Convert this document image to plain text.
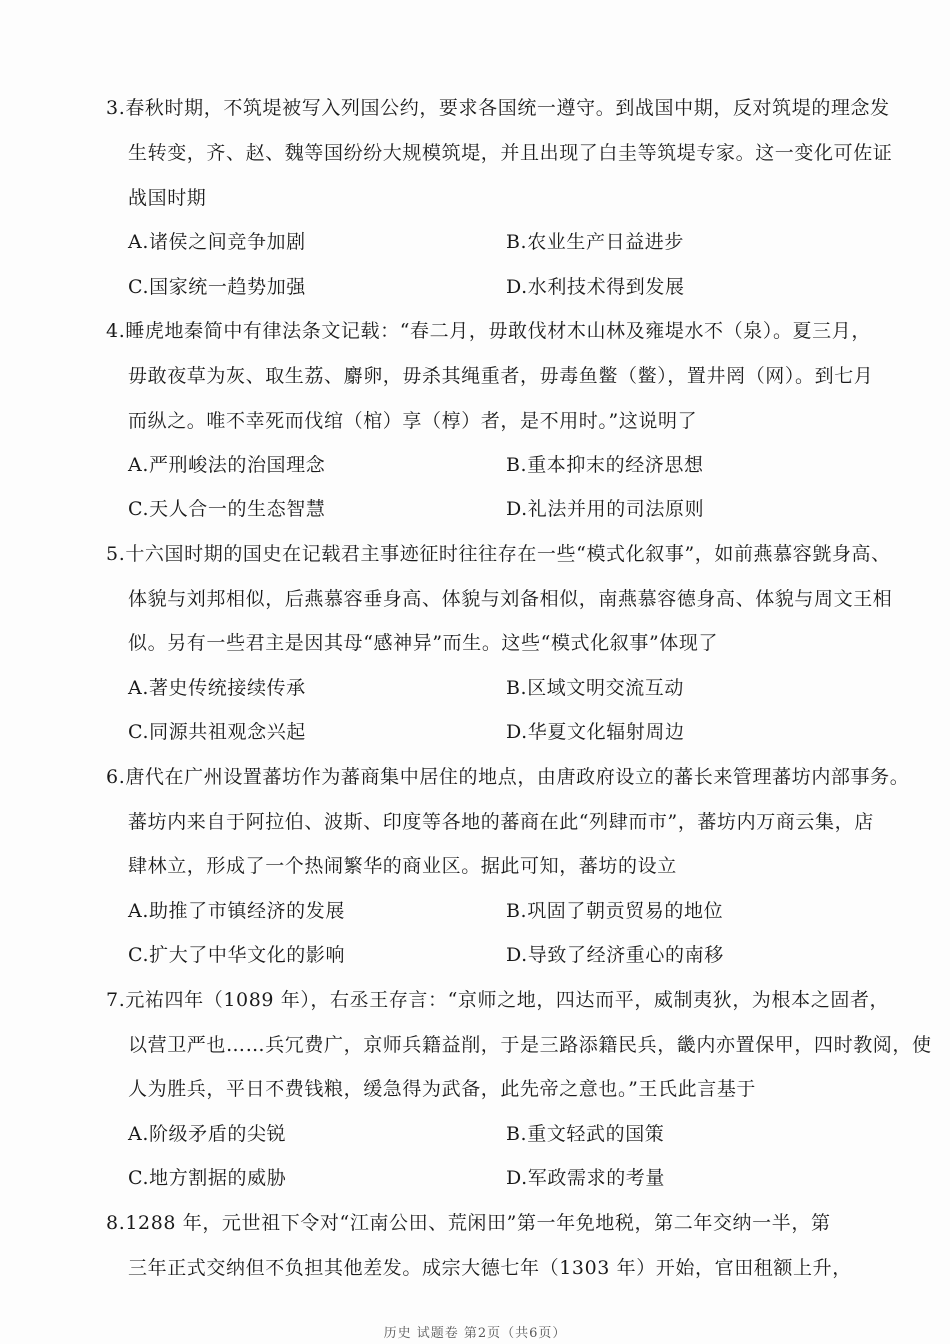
3.春秋时期，不筑堤被写入列国公约，要求各国统一遵守。到战国中期，反对筑堤的理念发
生转变，齐、赵、魏等国纷纷大规模筑堤，并且出现了白圭等筑堤专家。这一变化可佐证
战国时期
A.诸侯之间竞争加剧	B.农业生产日益进步
C.国家统一趋势加强	D.水利技术得到发展
4.睡虎地秦简中有律法条文记载：“春二月，毋敢伐材木山林及雍堤水不（泉）。夏三月，
毋敢夜草为灰、取生荔、麝卵，毋杀其绳重者，毋毒鱼鳖（鳖），置井罔（网）。到七月
而纵之。唯不幸死而伐绾（棺）享（椁）者，是不用时。”这说明了
A.严刑峻法的治国理念	B.重本抑末的经济思想
C.天人合一的生态智慧	D.礼法并用的司法原则
5.十六国时期的国史在记载君主事迹征时往往存在一些“模式化叙事”，如前燕慕容皝身高、
体貌与刘邦相似，后燕慕容垂身高、体貌与刘备相似，南燕慕容德身高、体貌与周文王相
似。另有一些君主是因其母“感神异”而生。这些“模式化叙事”体现了
A.著史传统接续传承	B.区域文明交流互动
C.同源共祖观念兴起	D.华夏文化辐射周边
6.唐代在广州设置蕃坊作为蕃商集中居住的地点，由唐政府设立的蕃长来管理蕃坊内部事务。
蕃坊内来自于阿拉伯、波斯、印度等各地的蕃商在此“列肆而市”，蕃坊内万商云集，店
肆林立，形成了一个热闹繁华的商业区。据此可知，蕃坊的设立
A.助推了市镇经济的发展	B.巩固了朝贡贸易的地位
C.扩大了中华文化的影响	D.导致了经济重心的南移
7.元祐四年（1089 年），右丞王存言：“京师之地，四达而平，威制夷狄，为根本之固者，
以营卫严也……兵冗费广，京师兵籍益削，于是三路添籍民兵，畿内亦置保甲，四时教阅，使
人为胜兵，平日不费钱粮，缓急得为武备，此先帝之意也。”王氏此言基于
A.阶级矛盾的尖锐	B.重文轻武的国策
C.地方割据的威胁	D.军政需求的考量
8.1288 年，元世祖下令对“江南公田、荒闲田”第一年免地税，第二年交纳一半，第
三年正式交纳但不负担其他差发。成宗大德七年（1303 年）开始，官田租额上升，
历史 试题卷 第2页（共6页）
